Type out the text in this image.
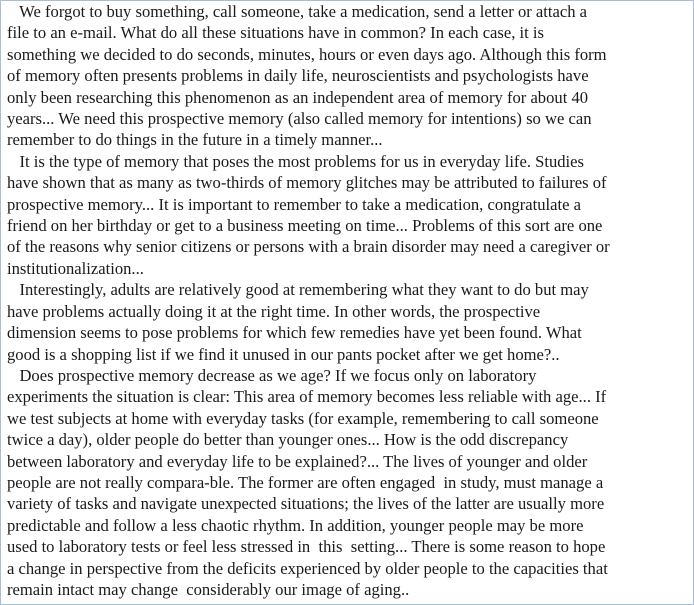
We forgot to buy something, call someone, take a medication, send a letter or attach a
file to an e-mail. What do all these situations have in common? In each case, it is
something we decided to do seconds, minutes, hours or even days ago. Although this form
of memory often presents problems in daily life, neuroscientists and psychologists have
only been researching this phenomenon as an independent area of memory for about 40
years... We need this prospective memory (also called memory for intentions) so we can
remember to do things in the future in a timely manner...
It is the type of memory that poses the most problems for us in everyday life. Studies
have shown that as many as two-thirds of memory glitches may be attributed to failures of
prospective memory... It is important to remember to take a medication, congratulate a
friend on her birthday or get to a business meeting on time... Problems of this sort are one
of the reasons why senior citizens or persons with a brain disorder may need a caregiver or
institutionalization...
Interestingly, adults are relatively good at remembering what they want to do but may
have problems actually doing it at the right time. In other words, the prospective
dimension seems to pose problems for which few remedies have yet been found. What
good is a shopping list if we find it unused in our pants pocket after we get home?..
Does prospective memory decrease as we age? If we focus only on laboratory
experiments the situation is clear: This area of memory becomes less reliable with age... If
we test subjects at home with everyday tasks (for example, remembering to call someone
twice a day), older people do better than younger ones... How is the odd discrepancy
between laboratory and everyday life to be explained?... The lives of younger and older
people are not really compara-ble. The former are often engaged  in study, must manage a
variety of tasks and navigate unexpected situations; the lives of the latter are usually more
predictable and follow a less chaotic rhythm. In addition, younger people may be more
used to laboratory tests or feel less stressed in  this  setting... There is some reason to hope
a change in perspective from the deficits experienced by older people to the capacities that
remain intact may change  considerably our image of aging..
